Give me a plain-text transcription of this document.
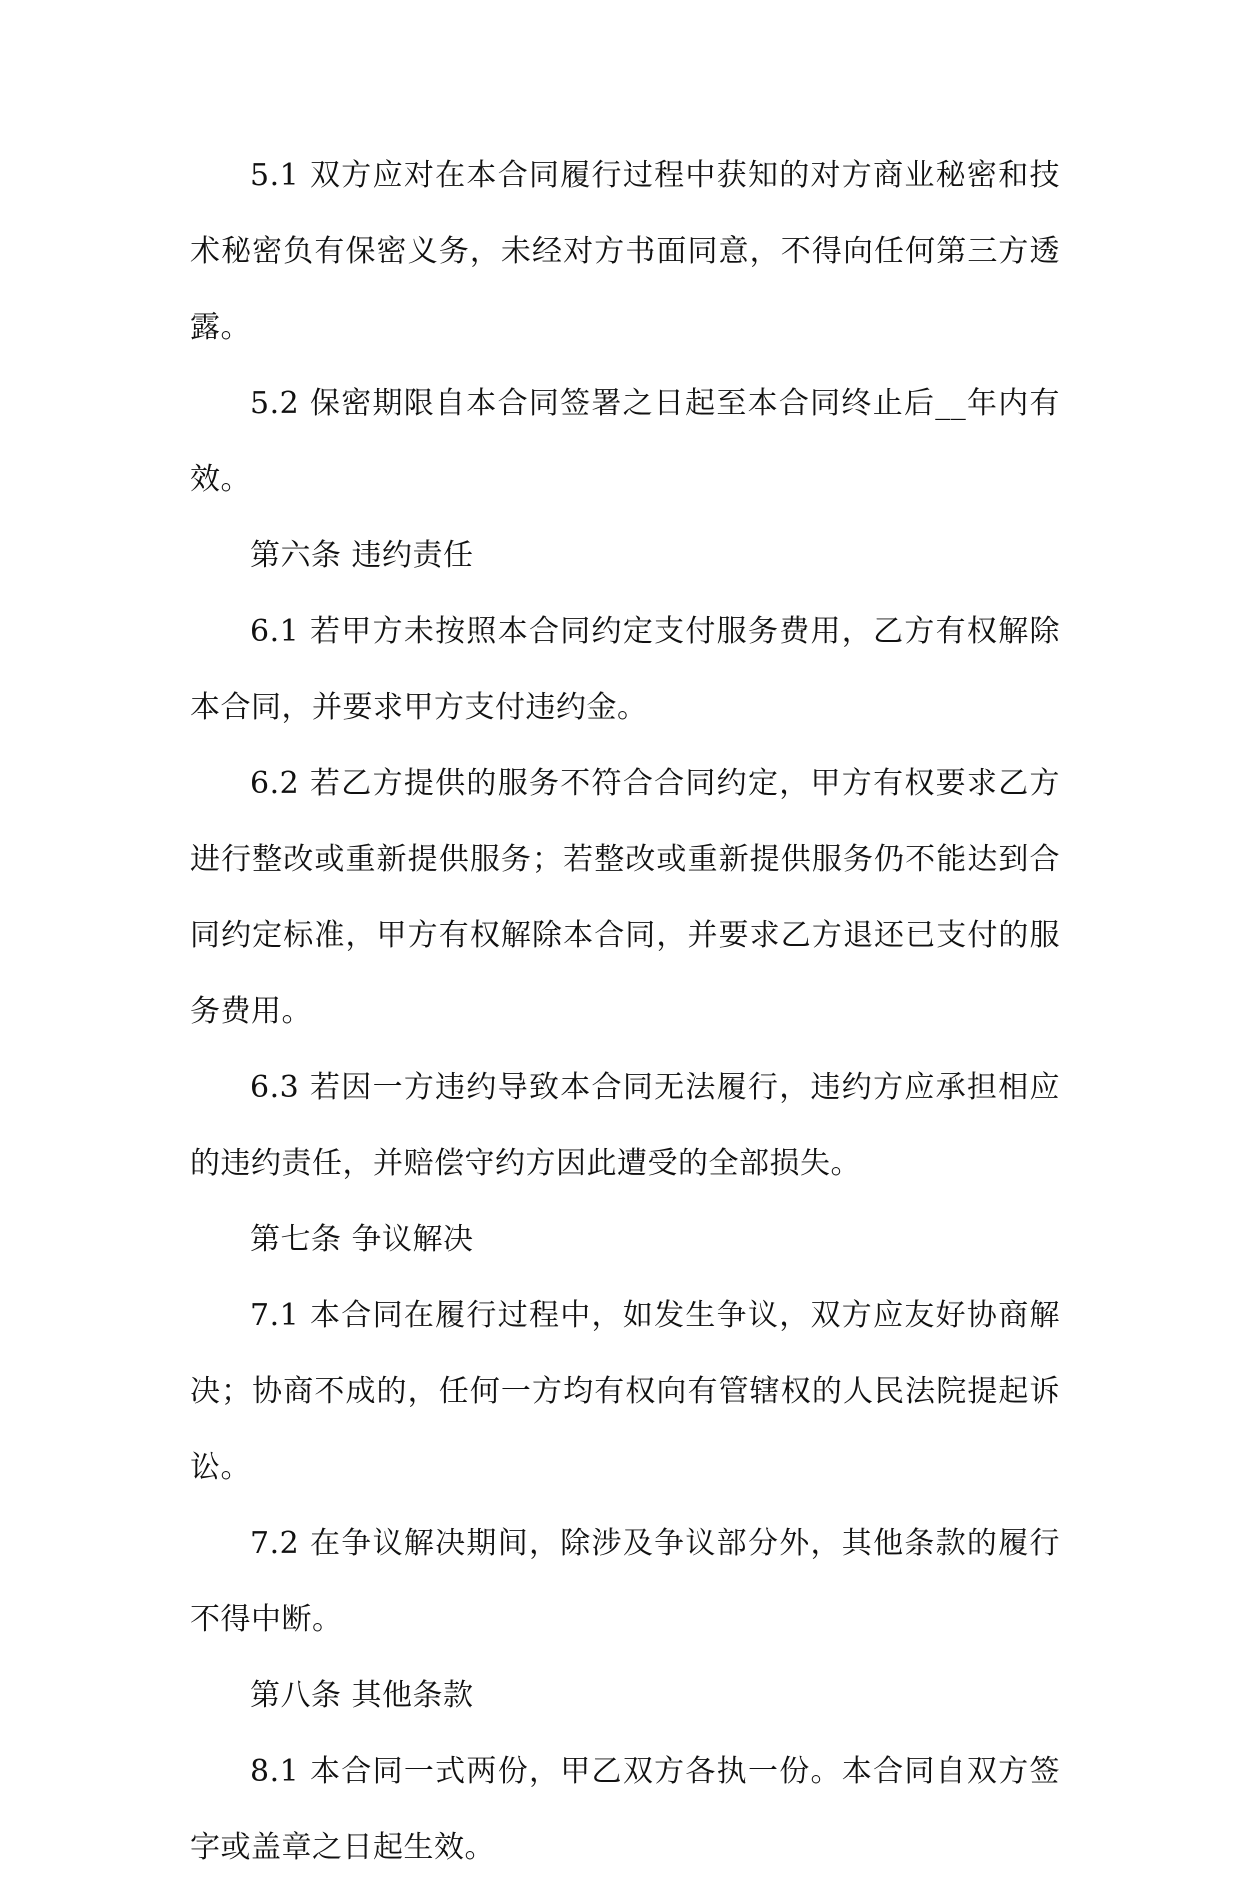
5.1 双方应对在本合同履行过程中获知的对方商业秘密和技术秘密负有保密义务，未经对方书面同意，不得向任何第三方透露。

5.2 保密期限自本合同签署之日起至本合同终止后__年内有效。

第六条 违约责任

6.1 若甲方未按照本合同约定支付服务费用，乙方有权解除本合同，并要求甲方支付违约金。

6.2 若乙方提供的服务不符合合同约定，甲方有权要求乙方进行整改或重新提供服务；若整改或重新提供服务仍不能达到合同约定标准，甲方有权解除本合同，并要求乙方退还已支付的服务费用。

6.3 若因一方违约导致本合同无法履行，违约方应承担相应的违约责任，并赔偿守约方因此遭受的全部损失。

第七条 争议解决

7.1 本合同在履行过程中，如发生争议，双方应友好协商解决；协商不成的，任何一方均有权向有管辖权的人民法院提起诉讼。

7.2 在争议解决期间，除涉及争议部分外，其他条款的履行不得中断。

第八条 其他条款

8.1 本合同一式两份，甲乙双方各执一份。本合同自双方签字或盖章之日起生效。
